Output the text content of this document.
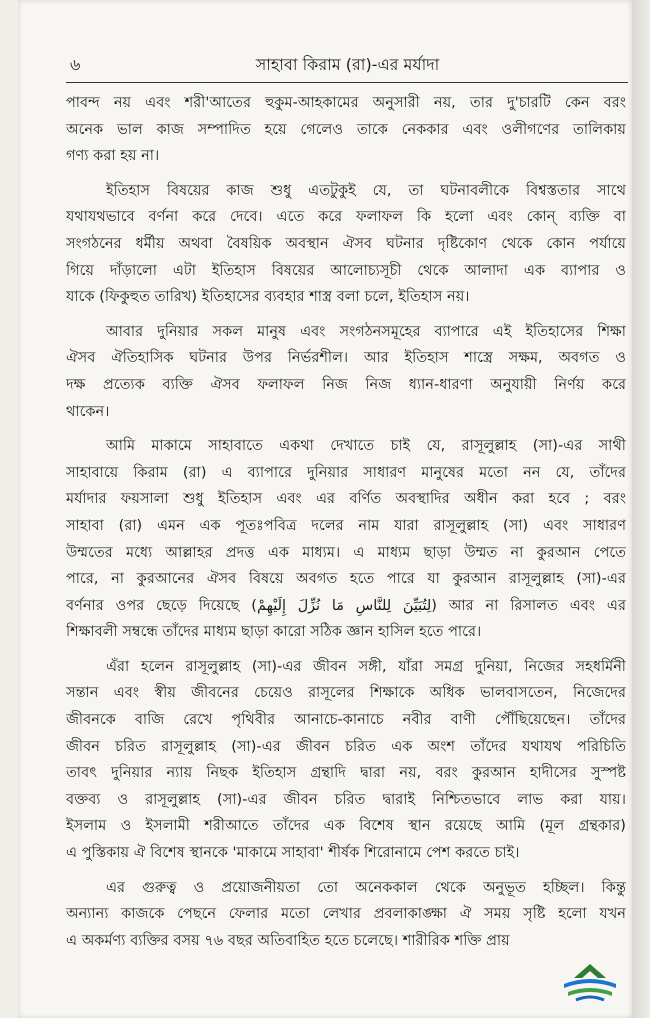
৬	সাহাবা কিরাম (রা)-এর মর্যাদা
পাবন্দ নয় এবং শরী'আতের হুকুম-আহকামের অনুসারী নয়, তার দু'চারটি কেন বরং
অনেক ভাল কাজ সম্পাদিত হয়ে গেলেও তাকে নেককার এবং ওলীগণের তালিকায়
গণ্য করা হয় না।
ইতিহাস বিষয়ের কাজ শুধু এতটুকুই যে, তা ঘটনাবলীকে বিশ্বস্ততার সাথে
যথাযথভাবে বর্ণনা করে দেবে। এতে করে ফলাফল কি হলো এবং কোন্ ব্যক্তি বা
সংগঠনের ধর্মীয় অথবা বৈষয়িক অবস্থান ঐসব ঘটনার দৃষ্টিকোণ থেকে কোন পর্যায়ে
গিয়ে দাঁড়ালো এটা ইতিহাস বিষয়ের আলোচ্যসূচী থেকে আলাদা এক ব্যাপার ও
যাকে (ফিকুহুত তারিখ) ইতিহাসের ব্যবহার শাস্ত্র বলা চলে, ইতিহাস নয়।
আবার দুনিয়ার সকল মানুষ এবং সংগঠনসমূহের ব্যাপারে এই ইতিহাসের শিক্ষা
ঐসব ঐতিহাসিক ঘটনার উপর নির্ভরশীল। আর ইতিহাস শাস্ত্রে সক্ষম, অবগত ও
দক্ষ প্রত্যেক ব্যক্তি ঐসব ফলাফল নিজ নিজ ধ্যান-ধারণা অনুযায়ী নির্ণয় করে
থাকেন।
আমি মাকামে সাহাবাতে একথা দেখাতে চাই যে, রাসূলুল্লাহ (সা)-এর সাথী
সাহাবায়ে কিরাম (রা) এ ব্যাপারে দুনিয়ার সাধারণ মানুষের মতো নন যে, তাঁদের
মর্যাদার ফয়সালা শুধু ইতিহাস এবং এর বর্ণিত অবস্থাদির অধীন করা হবে ; বরং
সাহাবা (রা) এমন এক পূতঃপবিত্র দলের নাম যারা রাসূলুল্লাহ (সা) এবং সাধারণ
উম্মতের মধ্যে আল্লাহর প্রদত্ত এক মাধ্যম। এ মাধ্যম ছাড়া উম্মত না কুরআন পেতে
পারে, না কুরআনের ঐসব বিষয়ে অবগত হতে পারে যা কুরআন রাসূলুল্লাহ (সা)-এর
বর্ণনার ওপর ছেড়ে দিয়েছে (لِتُبَيِّنَ لِلنَّاسِ مَا نُزِّلَ إِلَيْهِمْ) আর না রিসালত এবং এর
শিক্ষাবলী সম্বন্ধে তাঁদের মাধ্যম ছাড়া কারো সঠিক জ্ঞান হাসিল হতে পারে।
এঁরা হলেন রাসূলুল্লাহ (সা)-এর জীবন সঙ্গী, যাঁরা সমগ্র দুনিয়া, নিজের সহধর্মিনী
সন্তান এবং স্বীয় জীবনের চেয়েও রাসূলের শিক্ষাকে অধিক ভালবাসতেন, নিজেদের
জীবনকে বাজি রেখে পৃথিবীর আনাচে-কানাচে নবীর বাণী পৌঁছিয়েছেন। তাঁদের
জীবন চরিত রাসূলুল্লাহ (সা)-এর জীবন চরিত এক অংশ তাঁদের যথাযথ পরিচিতি
তাবৎ দুনিয়ার ন্যায় নিছক ইতিহাস গ্রন্থাদি দ্বারা নয়, বরং কুরআন হাদীসের সুস্পষ্ট
বক্তব্য ও রাসূলুল্লাহ (সা)-এর জীবন চরিত দ্বারাই নিশ্চিতভাবে লাভ করা যায়।
ইসলাম ও ইসলামী শরীআতে তাঁদের এক বিশেষ স্থান রয়েছে আমি (মূল গ্রন্থকার)
এ পুস্তিকায় ঐ বিশেষ স্থানকে 'মাকামে সাহাবা' শীর্ষক শিরোনামে পেশ করতে চাই।
এর গুরুত্ব ও প্রয়োজনীয়তা তো অনেককাল থেকে অনুভূত হচ্ছিল। কিন্তু
অন্যান্য কাজকে পেছনে ফেলার মতো লেখার প্রবলাকাঙ্ক্ষা ঐ সময় সৃষ্টি হলো যখন
এ অকর্মণ্য ব্যক্তির বসয় ৭৬ বছর অতিবাহিত হতে চলেছে। শারীরিক শক্তি প্রায়
